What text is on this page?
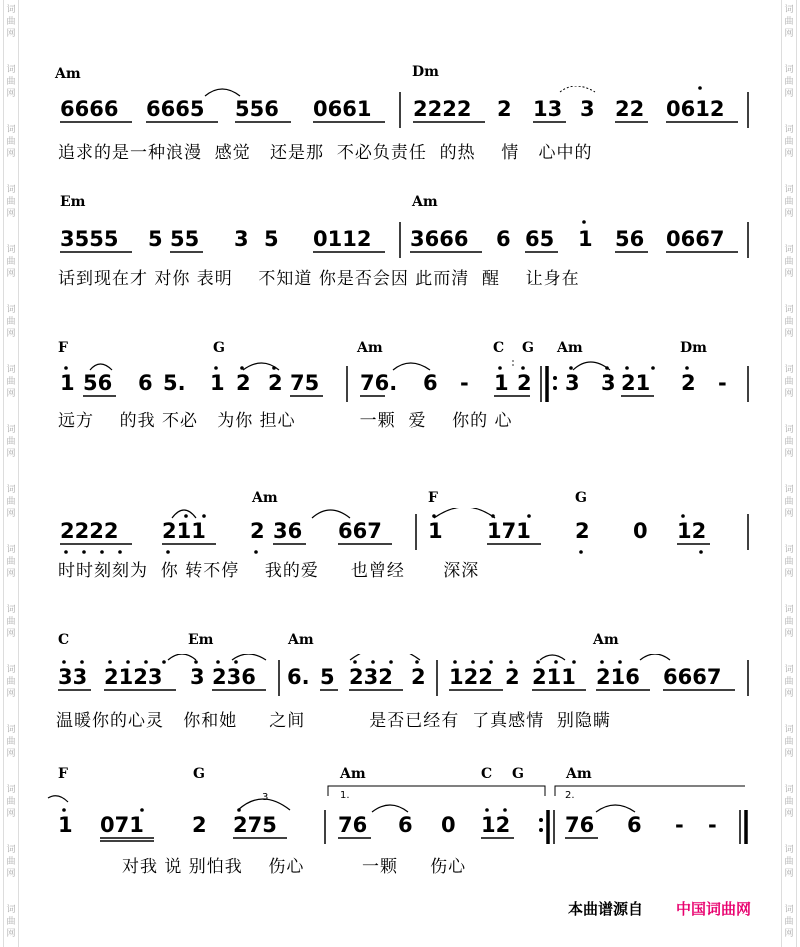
词
曲
网
词
曲
网
词
曲
网
词
曲
网
词
曲
网
词
曲
网
词
曲
网
词
曲
网
词
曲
网
词
曲
网
词
曲
网
词
曲
网
词
曲
网
词
曲
网
词
曲
网
词
曲
网
词
曲
网
词
曲
网
词
曲
网
词
曲
网
词
曲
网
词
曲
网
词
曲
网
词
曲
网
词
曲
网
词
曲
网
词
曲
网
词
曲
网
词
曲
网
词
曲
网
词
曲
网
词
曲
网
Am	Dm
6666 6665 556 0661 2222 2 13 3 22 0612
追求的是一种浪漫  感觉   还是那  不必负责任  的热    情   心中的
Em	Am
3555 5 55 3 5 0112 3666 6 65 1 56 0667
话到现在才 对你 表明    不知道 你是否会因 此而清  醒    让身在
F	G	Am	C G Am	Dm
1 56 6 5. 1 2 2 75 76. 6 - 1 2 3 3 21 2 -
远方    的我 不必   为你 担心          一颗  爱    你的 心
Am	F	G
2222 211 2 36 667 1 171 2 0 12
时时刻刻为  你 转不停    我的爱     也曾经      深深
C	Em	Am	Am
33 2123 3 236 6. 5 232 2 122 2 211 216 6667
温暖你的心灵   你和她     之间          是否已经有  了真感情  别隐瞒
F	G	Am	C G	Am
1.	2.
3
1 071 2 275	76 6 0 12	76 6 - -
对我 说 别怕我    伤心         一颗     伤心
本曲谱源自 中国词曲网
